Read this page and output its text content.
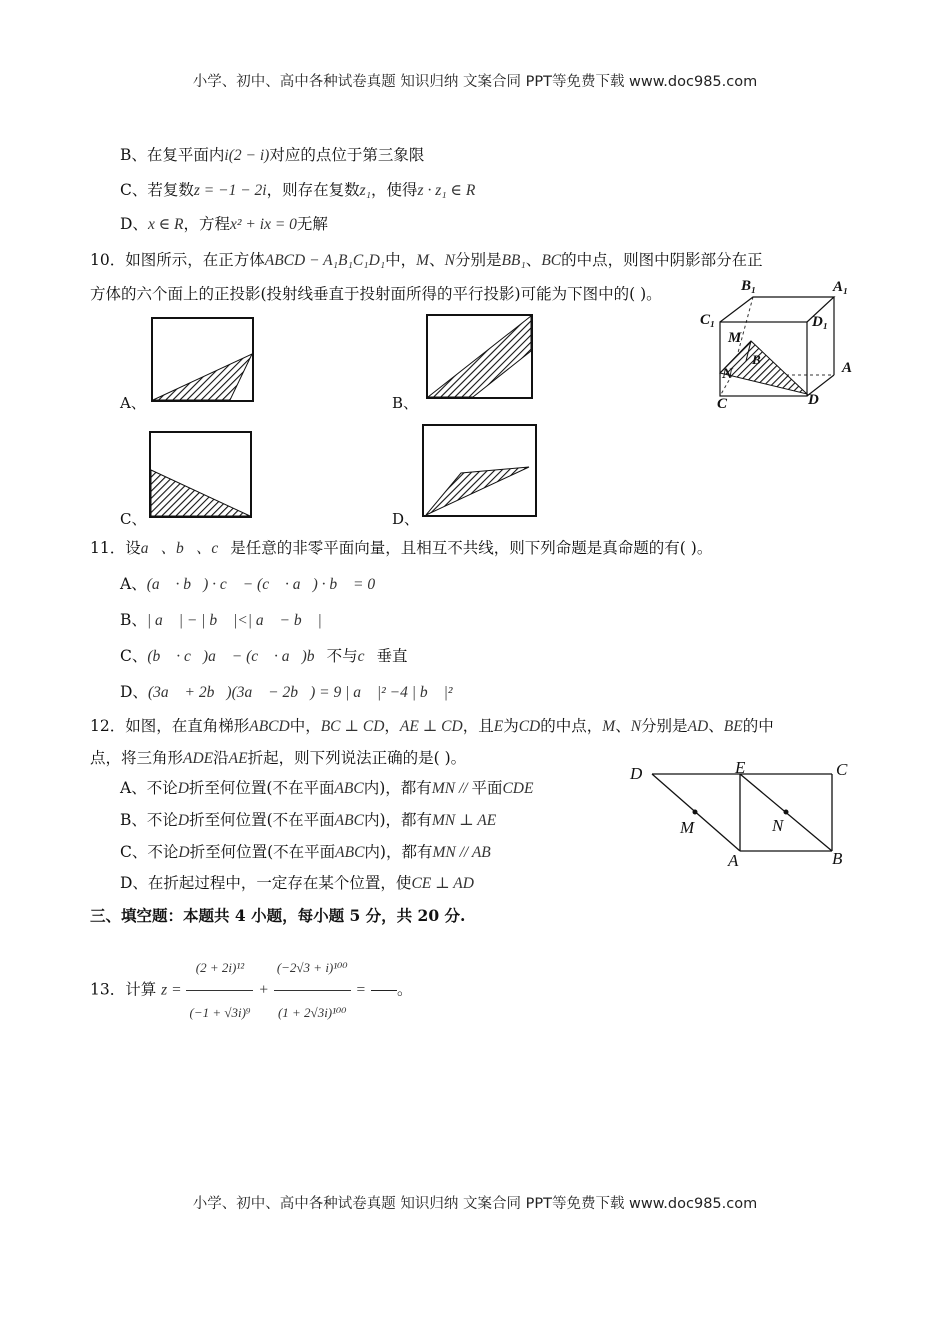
小学、初中、高中各种试卷真题 知识归纳 文案合同 PPT等免费下载 www.doc985.com
小学、初中、高中各种试卷真题 知识归纳 文案合同 PPT等免费下载 www.doc985.com
B、在复平面内i(2 − i)对应的点位于第三象限
C、若复数z = −1 − 2i，则存在复数z₁，使得z · z₁ ∈ R
D、x ∈ R，方程x² + ix = 0无解
10．如图所示，在正方体ABCD − A₁B₁C₁D₁中，M、N分别是BB₁、BC的中点，则图中阴影部分在正
方体的六个面上的正投影(投射线垂直于投射面所得的平行投影)可能为下图中的( )。
A、	B、
C、	D、
B₁	A₁
C₁	D₁
M
B
N	A
C	D
11．设a⃗、b⃗、c⃗是任意的非零平面向量，且相互不共线，则下列命题是真命题的有( )。
A、(a⃗ · b⃗) · c⃗ − (c⃗ · a⃗) · b⃗ = 0⃗
B、| a⃗ | − | b⃗ |<| a⃗ − b⃗ |
C、(b⃗ · c⃗)a⃗ − (c⃗ · a⃗)b⃗不与c⃗垂直
D、(3a⃗ + 2b⃗)(3a⃗ − 2b⃗) = 9 | a⃗ |² −4 | b⃗ |²
12．如图，在直角梯形ABCD中，BC ⊥ CD，AE ⊥ CD，且E为CD的中点，M、N分别是AD、BE的中
点，将三角形ADE沿AE折起，则下列说法正确的是( )。
A、不论D折至何位置(不在平面ABC内)，都有MN // 平面CDE
B、不论D折至何位置(不在平面ABC内)，都有MN ⊥ AE
C、不论D折至何位置(不在平面ABC内)，都有MN // AB
D、在折起过程中，一定存在某个位置，使CE ⊥ AD
D	E	C
M	N
A	B
三、填空题：本题共 4 小题，每小题 5 分，共 20 分.
13．计算 $z = \frac{\text{(2 + 2i)¹²}}{\text{(−1 + √3i)⁹}} + \frac{\text{(−2√3 + i)¹⁰⁰}}{\text{(1 + 2√3i)¹⁰⁰}}$ = 。
